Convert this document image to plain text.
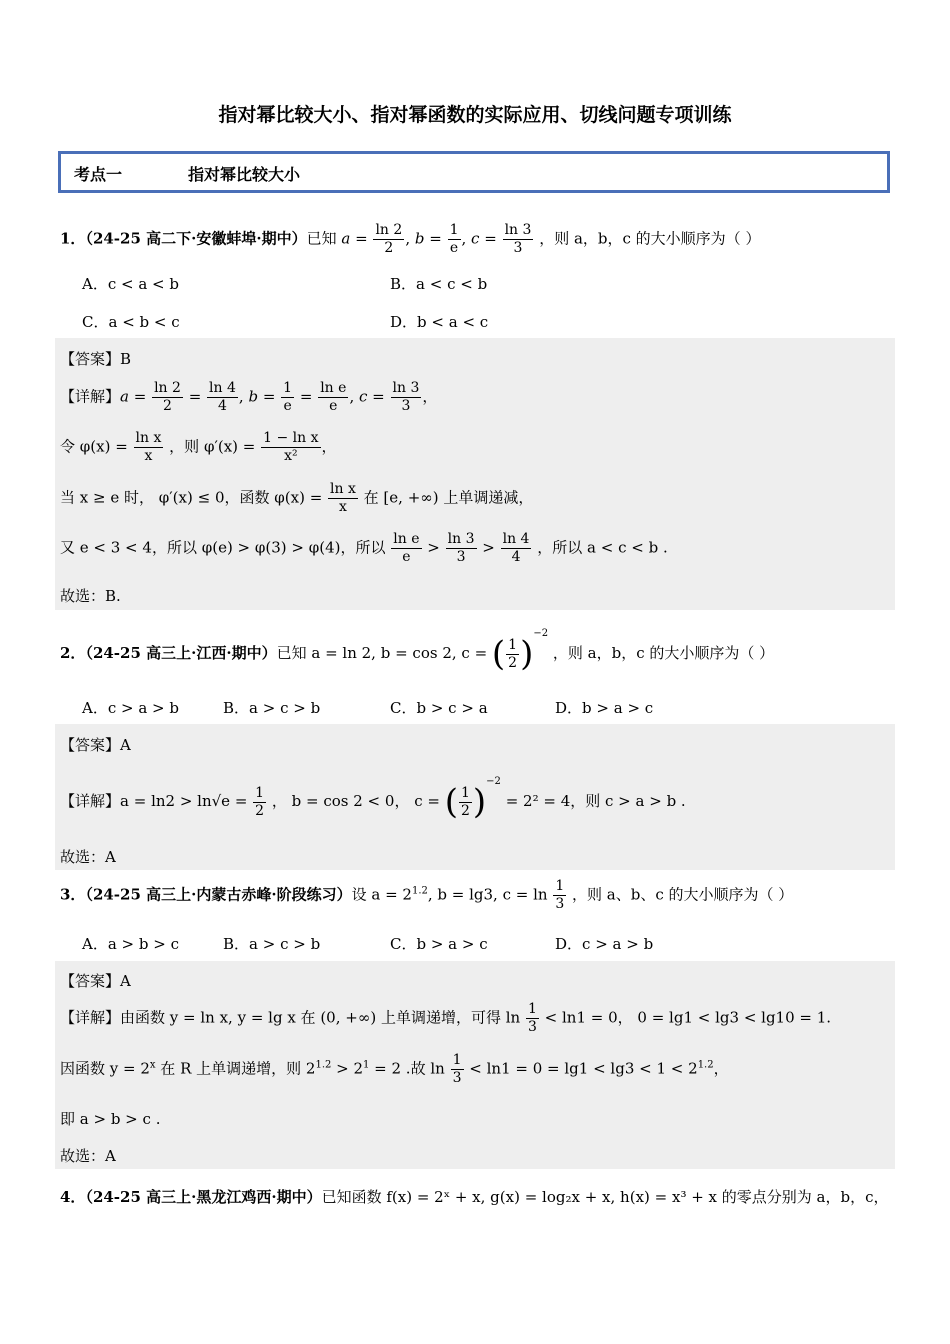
指对幂比较大小、指对幂函数的实际应用、切线问题专项训练
考点一	指对幂比较大小
1．（24-25 高二下·安徽蚌埠·期中）已知 $a = \frac{\ln 2}{2}$ , $b = \frac{1}{e}$ , $c = \frac{\ln 3}{3}$ ，则 a，b，c 的大小顺序为（ ）
A．c < a < b	B．a < c < b
C．a < b < c	D．b < a < c
【答案】B
【详解】$a = \frac{\ln 2}{2} = \frac{\ln 4}{4}$ , $b = \frac{1}{e} = \frac{\text{ln e}}{e}$ , $c = \frac{\ln 3}{3}$ ，
令 $\varphi(x) = \frac{\text{ln x}}{x}$ ，则 $\varphi'(x) = \frac{\text{1 − ln x}}{\text{x²}}$ ，
当 x ≥ e 时， φ′(x) ≤ 0，函数 $\varphi(x) = \frac{\text{ln x}}{x}$ 在 [e, +∞) 上单调递减，
又 e < 3 < 4，所以 φ(e) > φ(3) > φ(4)，所以 $\frac{\text{ln e}}{e} > \frac{\ln 3}{3} > \frac{\ln 4}{4}$ ，所以 a < c < b .
故选：B.
2．（24-25 高三上·江西·期中）已知 a = ln 2, b = cos 2, c = ( $\frac{1}{2} )^{-2}$ ，则 a，b，c 的大小顺序为（ ）
A．c > a > b	B．a > c > b	C．b > c > a	D．b > a > c
【答案】A
【详解】$a = \ln 2 > \ln√e = \frac{1}{2}$ ， b = cos 2 < 0， c = ( $\frac{1}{2} )^{-2} = 2^2 = 4$，则 c > a > b .
故选：A
3．（24-25 高三上·内蒙古赤峰·阶段练习）设 $a = 2^{1.2}$, b = lg3, $c = \ln \frac{1}{3}$ ，则 a、b、c 的大小顺序为（ ）
A．a > b > c	B．a > c > b	C．b > a > c	D．c > a > b
【答案】A
【详解】由函数 y = ln x, y = lg x 在 (0, +∞) 上单调递增，可得 $\ln \frac{1}{3} < \ln 1 = 0$， 0 = lg1 < lg3 < lg10 = 1.
因函数 $y = 2^x$ 在 R 上单调递增，则 $2^{1.2} > 2^1 = 2$ .故 $\ln \frac{1}{3} < \ln 1 = 0 = \lg 1 < \lg 3 < 1 < 2^{1.2}$，
即 a > b > c .
故选：A
4．（24-25 高三上·黑龙江鸡西·期中）已知函数 f(x) = 2ˣ + x, g(x) = log₂x + x, h(x) = x³ + x 的零点分别为 a，b，c，
